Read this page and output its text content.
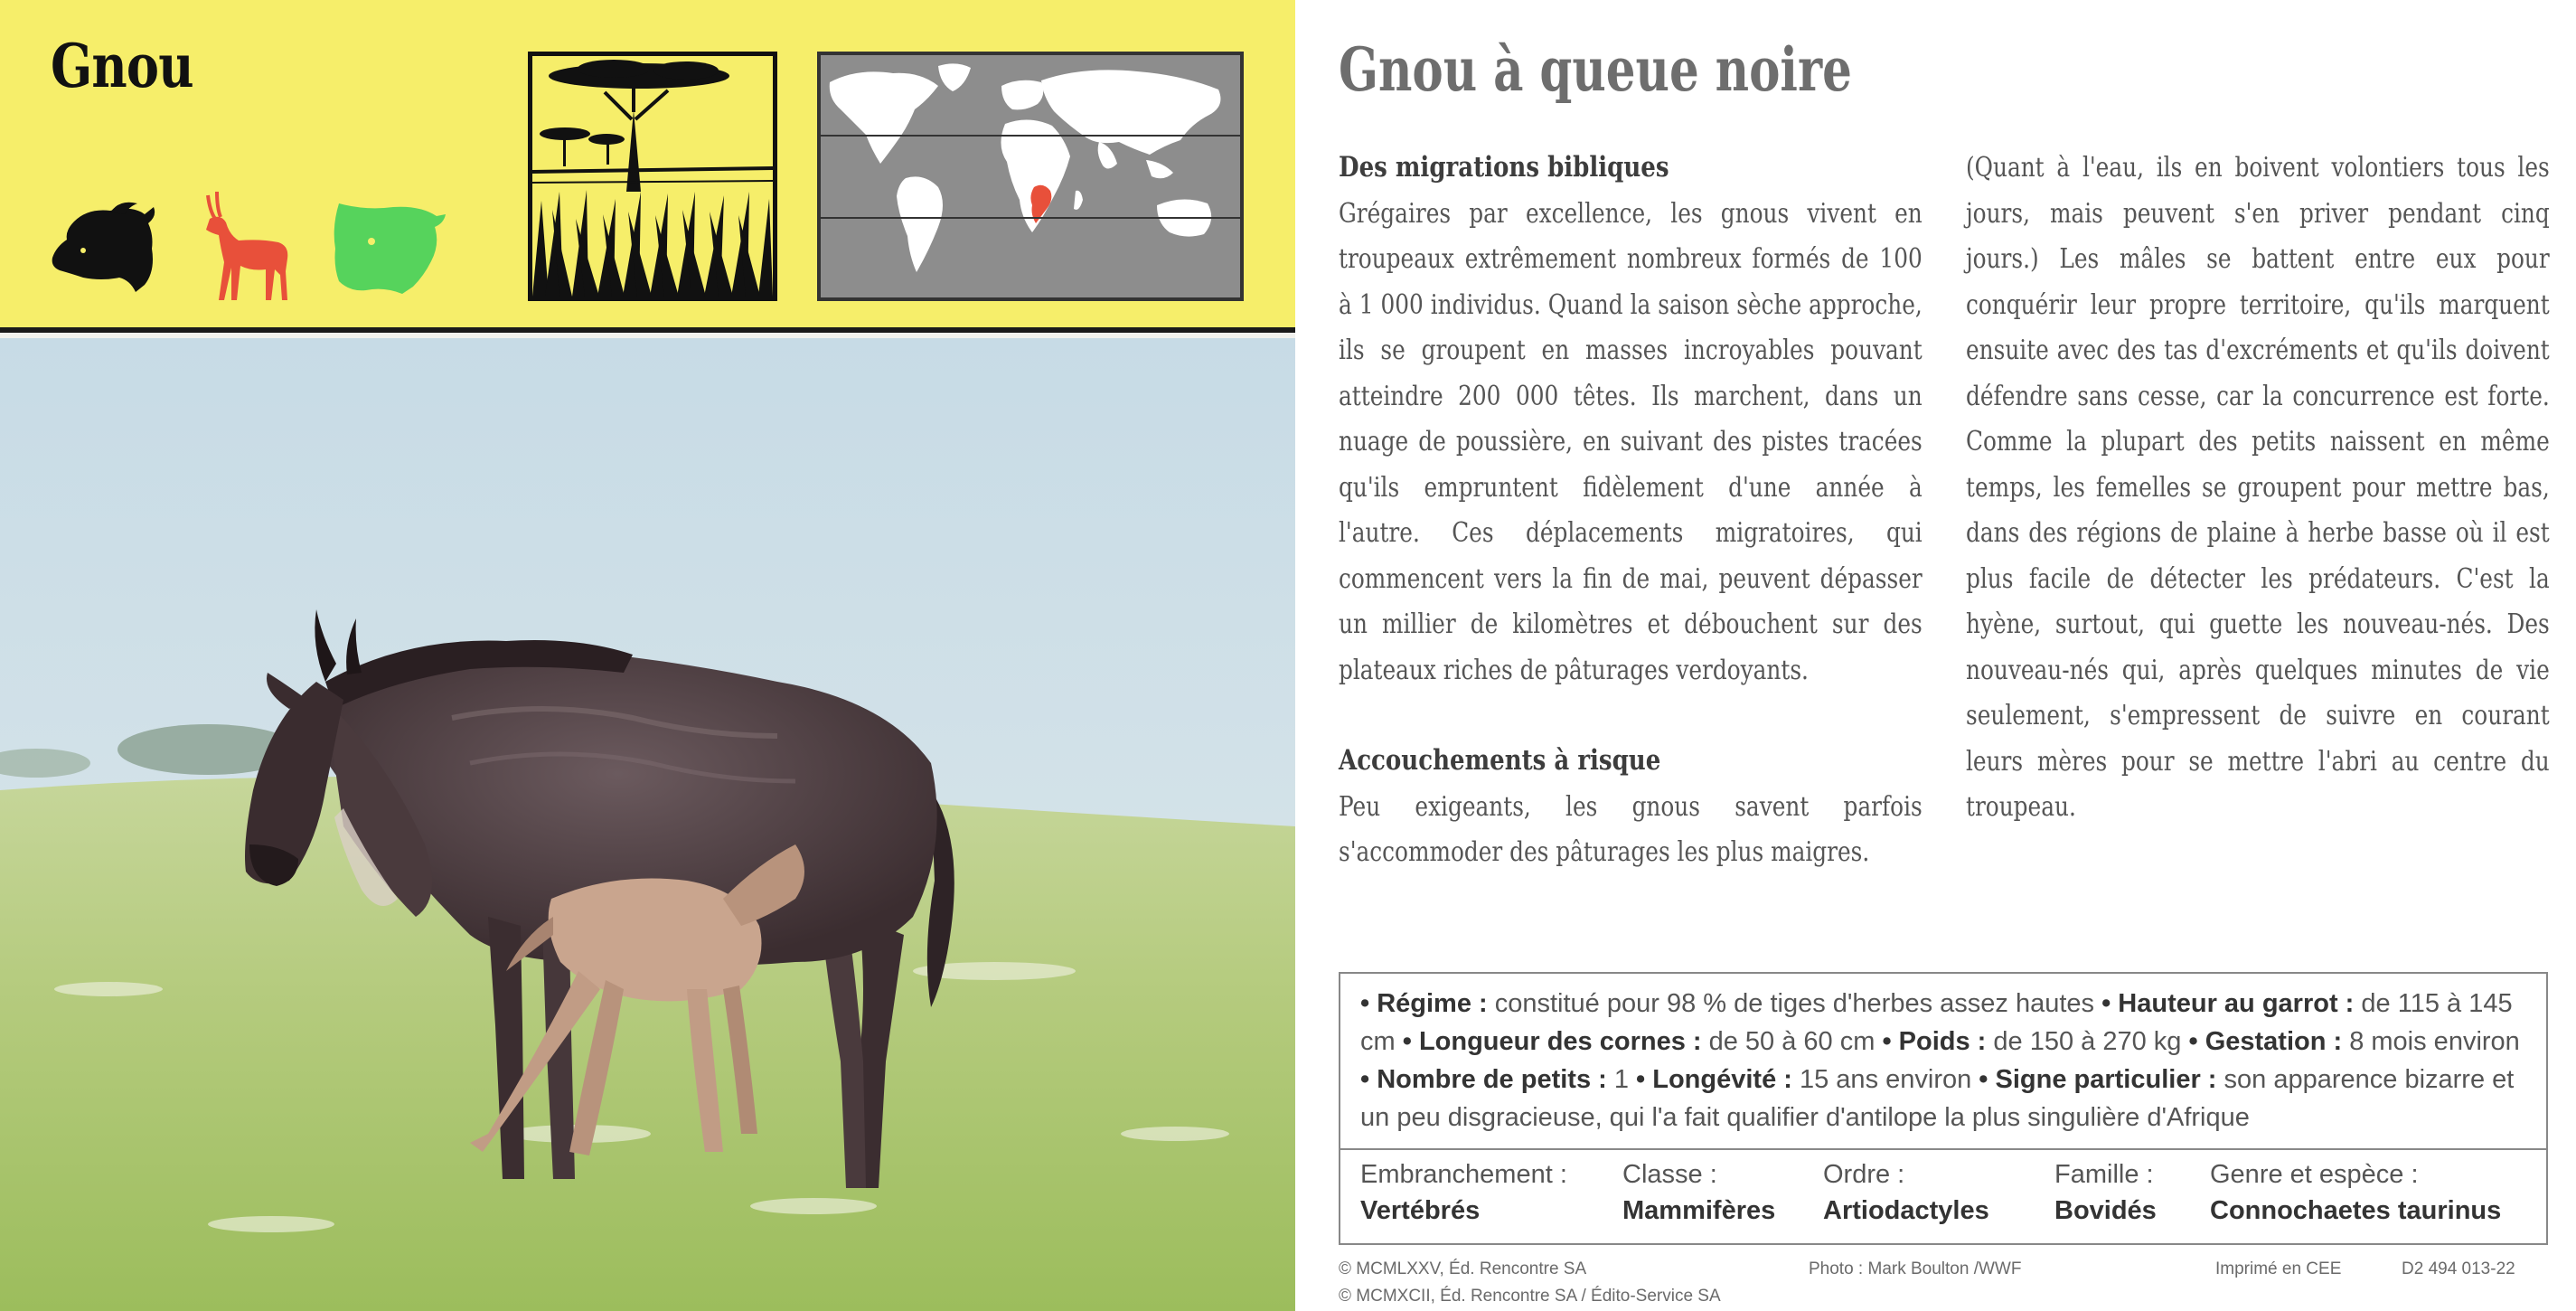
Gnou	Gnou à queue noire
Des migrations bibliques

Grégaires par excellence, les gnous vivent en troupeaux extrêmement nombreux formés de 100 à 1 000 individus. Quand la saison sèche approche, ils se groupent en masses incroyables pouvant atteindre 200 000 têtes. Ils marchent, dans un nuage de poussière, en suivant des pistes tracées qu'ils empruntent fidèlement d'une année à l'autre. Ces déplacements migratoires, qui commencent vers la fin de mai, peuvent dépasser un millier de kilomètres et débouchent sur des plateaux riches de pâturages verdoyants.

Accouchements à risque

Peu exigeants, les gnous savent parfois s'accommoder des pâturages les plus maigres.

(Quant à l'eau, ils en boivent volontiers tous les jours, mais peuvent s'en priver pendant cinq jours.) Les mâles se battent entre eux pour conquérir leur propre territoire, qu'ils marquent ensuite avec des tas d'excréments et qu'ils doivent défendre sans cesse, car la concurrence est forte. Comme la plupart des petits naissent en même temps, les femelles se groupent pour mettre bas, dans des régions de plaine à herbe basse où il est plus facile de détecter les prédateurs. C'est la hyène, surtout, qui guette les nouveau-nés. Des nouveau-nés qui, après quelques minutes de vie seulement, s'empressent de suivre en courant leurs mères pour se mettre l'abri au centre du troupeau.

• Régime : constitué pour 98 % de tiges d'herbes assez hautes • Hauteur au garrot : de 115 à 145 cm • Longueur des cornes : de 50 à 60 cm • Poids : de 150 à 270 kg • Gestation : 8 mois environ • Nombre de petits : 1 • Longévité : 15 ans environ • Signe particulier : son apparence bizarre et un peu disgracieuse, qui l'a fait qualifier d'antilope la plus singulière d'Afrique
Embranchement :
Vertébrés
Classe :
Mammifères
Ordre :
Artiodactyles
Famille :
Bovidés
Genre et espèce :
Connochaetes taurinus
© MCMLXXV, Éd. Rencontre SA
© MCMXCII, Éd. Rencontre SA / Édito-Service SA
Photo : Mark Boulton /WWF	Imprimé en CEE	D2 494 013-22
